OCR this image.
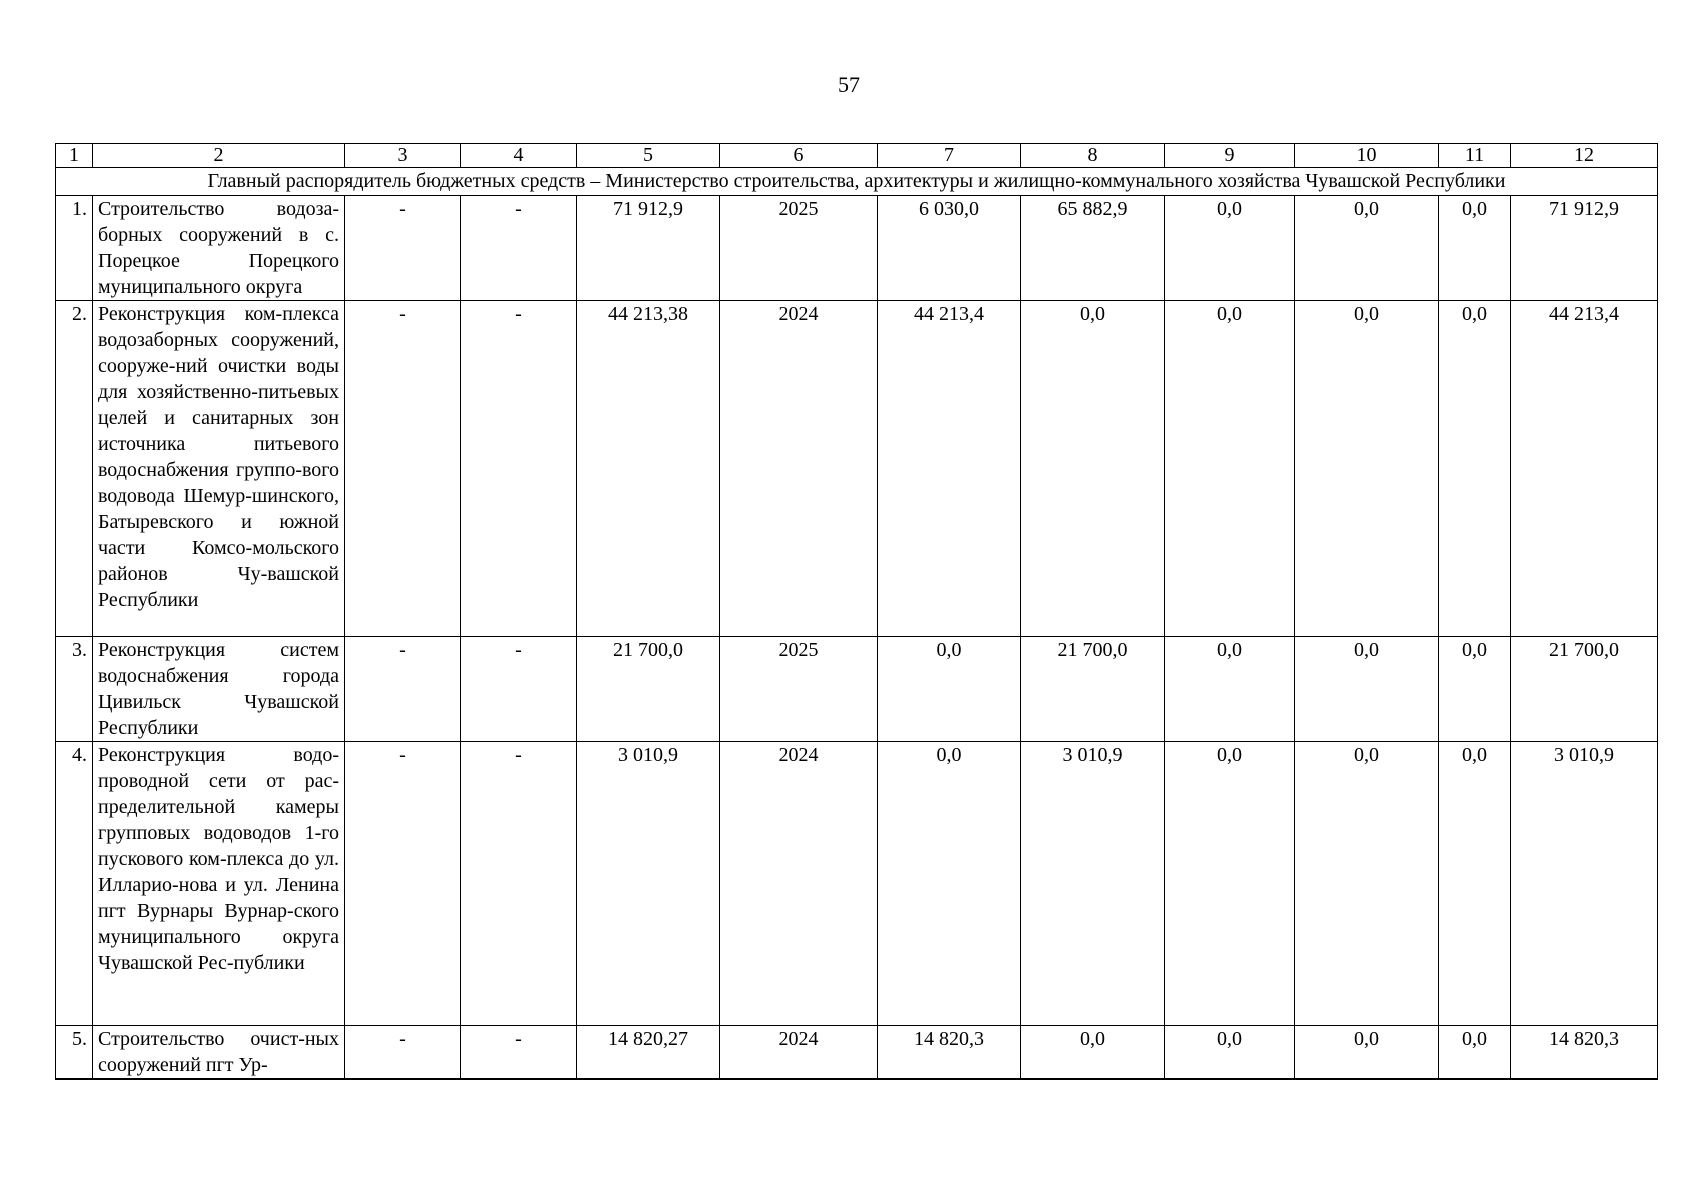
57
1	2	3	4	5	6	7	8	9	10	11	12
Главный распорядитель бюджетных средств – Министерство строительства, архитектуры и жилищно-коммунального хозяйства Чувашской Республики											
1.	Строительство водоза-борных сооружений в с. Порецкое Порецкого муниципального округа	-	-	71 912,9	2025	6 030,0	65 882,9	0,0	0,0	0,0	71 912,9
2.	Реконструкция ком-плекса водозаборных сооружений, сооруже-ний очистки воды для хозяйственно-питьевых целей и санитарных зон источника питьевого водоснабжения группо-вого водовода Шемур-шинского, Батыревского и южной части Комсо-мольского районов Чу-вашской Республики	-	-	44 213,38	2024	44 213,4	0,0	0,0	0,0	0,0	44 213,4
3.	Реконструкция систем водоснабжения города Цивильск Чувашской Республики	-	-	21 700,0	2025	0,0	21 700,0	0,0	0,0	0,0	21 700,0
4.	Реконструкция водо-проводной сети от рас-пределительной камеры групповых водоводов 1-го пускового ком-плекса до ул. Илларио-нова и ул. Ленина пгт Вурнары Вурнар-ского муниципального округа Чувашской Рес-публики	-	-	3 010,9	2024	0,0	3 010,9	0,0	0,0	0,0	3 010,9
5.	Строительство очист-ных сооружений пгт Ур-	-	-	14 820,27	2024	14 820,3	0,0	0,0	0,0	0,0	14 820,3
